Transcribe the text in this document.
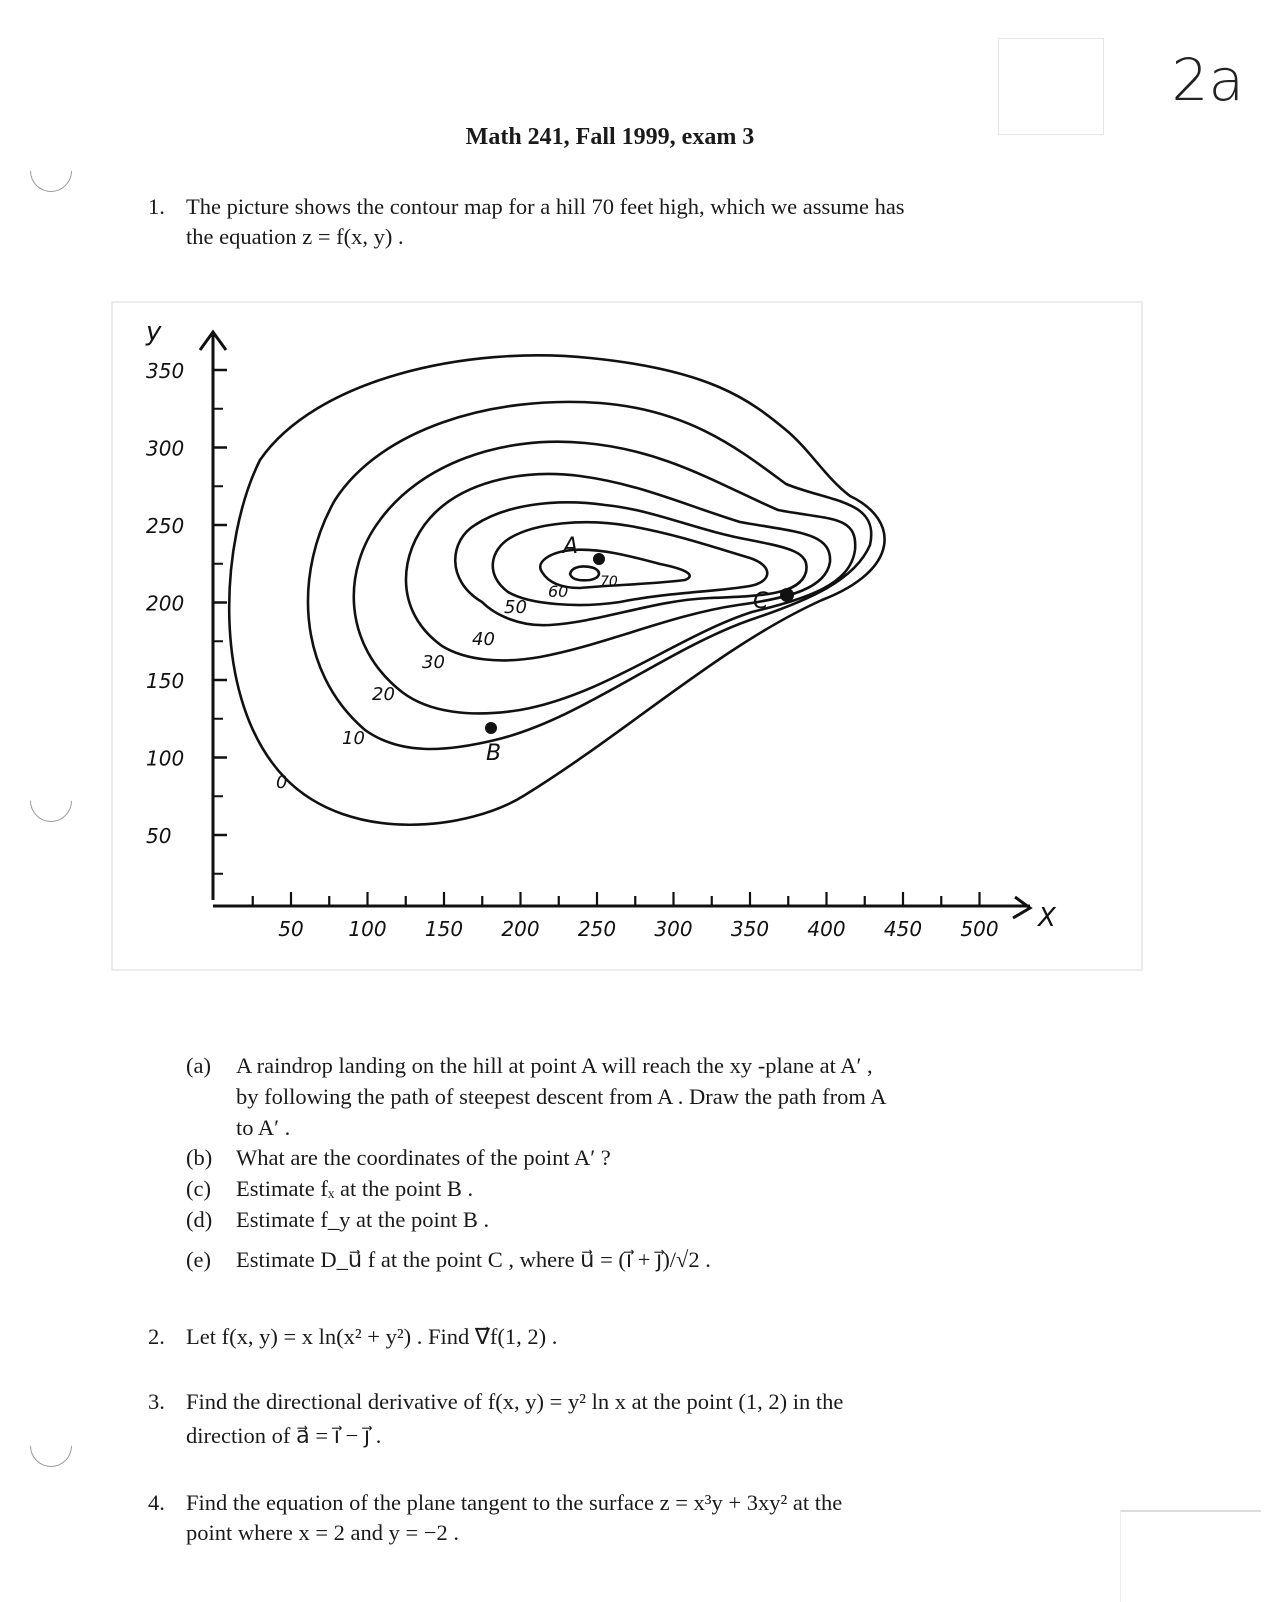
2a
Math 241, Fall 1999, exam 3
1. The picture shows the contour map for a hill 70 feet high, which we assume has
the equation z = f(x, y) .
y
X
350
300
250
200
150
100
50
50 100 150 200 250 300 350 400 450 500
A
B
C
0
10
20
30
40
50
60 70
(a) A raindrop landing on the hill at point A will reach the xy -plane at A′ ,
by following the path of steepest descent from A . Draw the path from A
to A′ .
(b) What are the coordinates of the point A′ ?
(c) Estimate fₓ at the point B .
(d) Estimate f_y at the point B .
(e) Estimate D_u⃗ f at the point C , where u⃗ = (i⃗ + j⃗)/√2 .
2. Let f(x, y) = x ln(x² + y²) . Find ∇⃗f(1, 2) .
3. Find the directional derivative of f(x, y) = y² ln x at the point (1, 2) in the
direction of a⃗ = i⃗ − j⃗ .
4. Find the equation of the plane tangent to the surface z = x³y + 3xy² at the
point where x = 2 and y = −2 .
